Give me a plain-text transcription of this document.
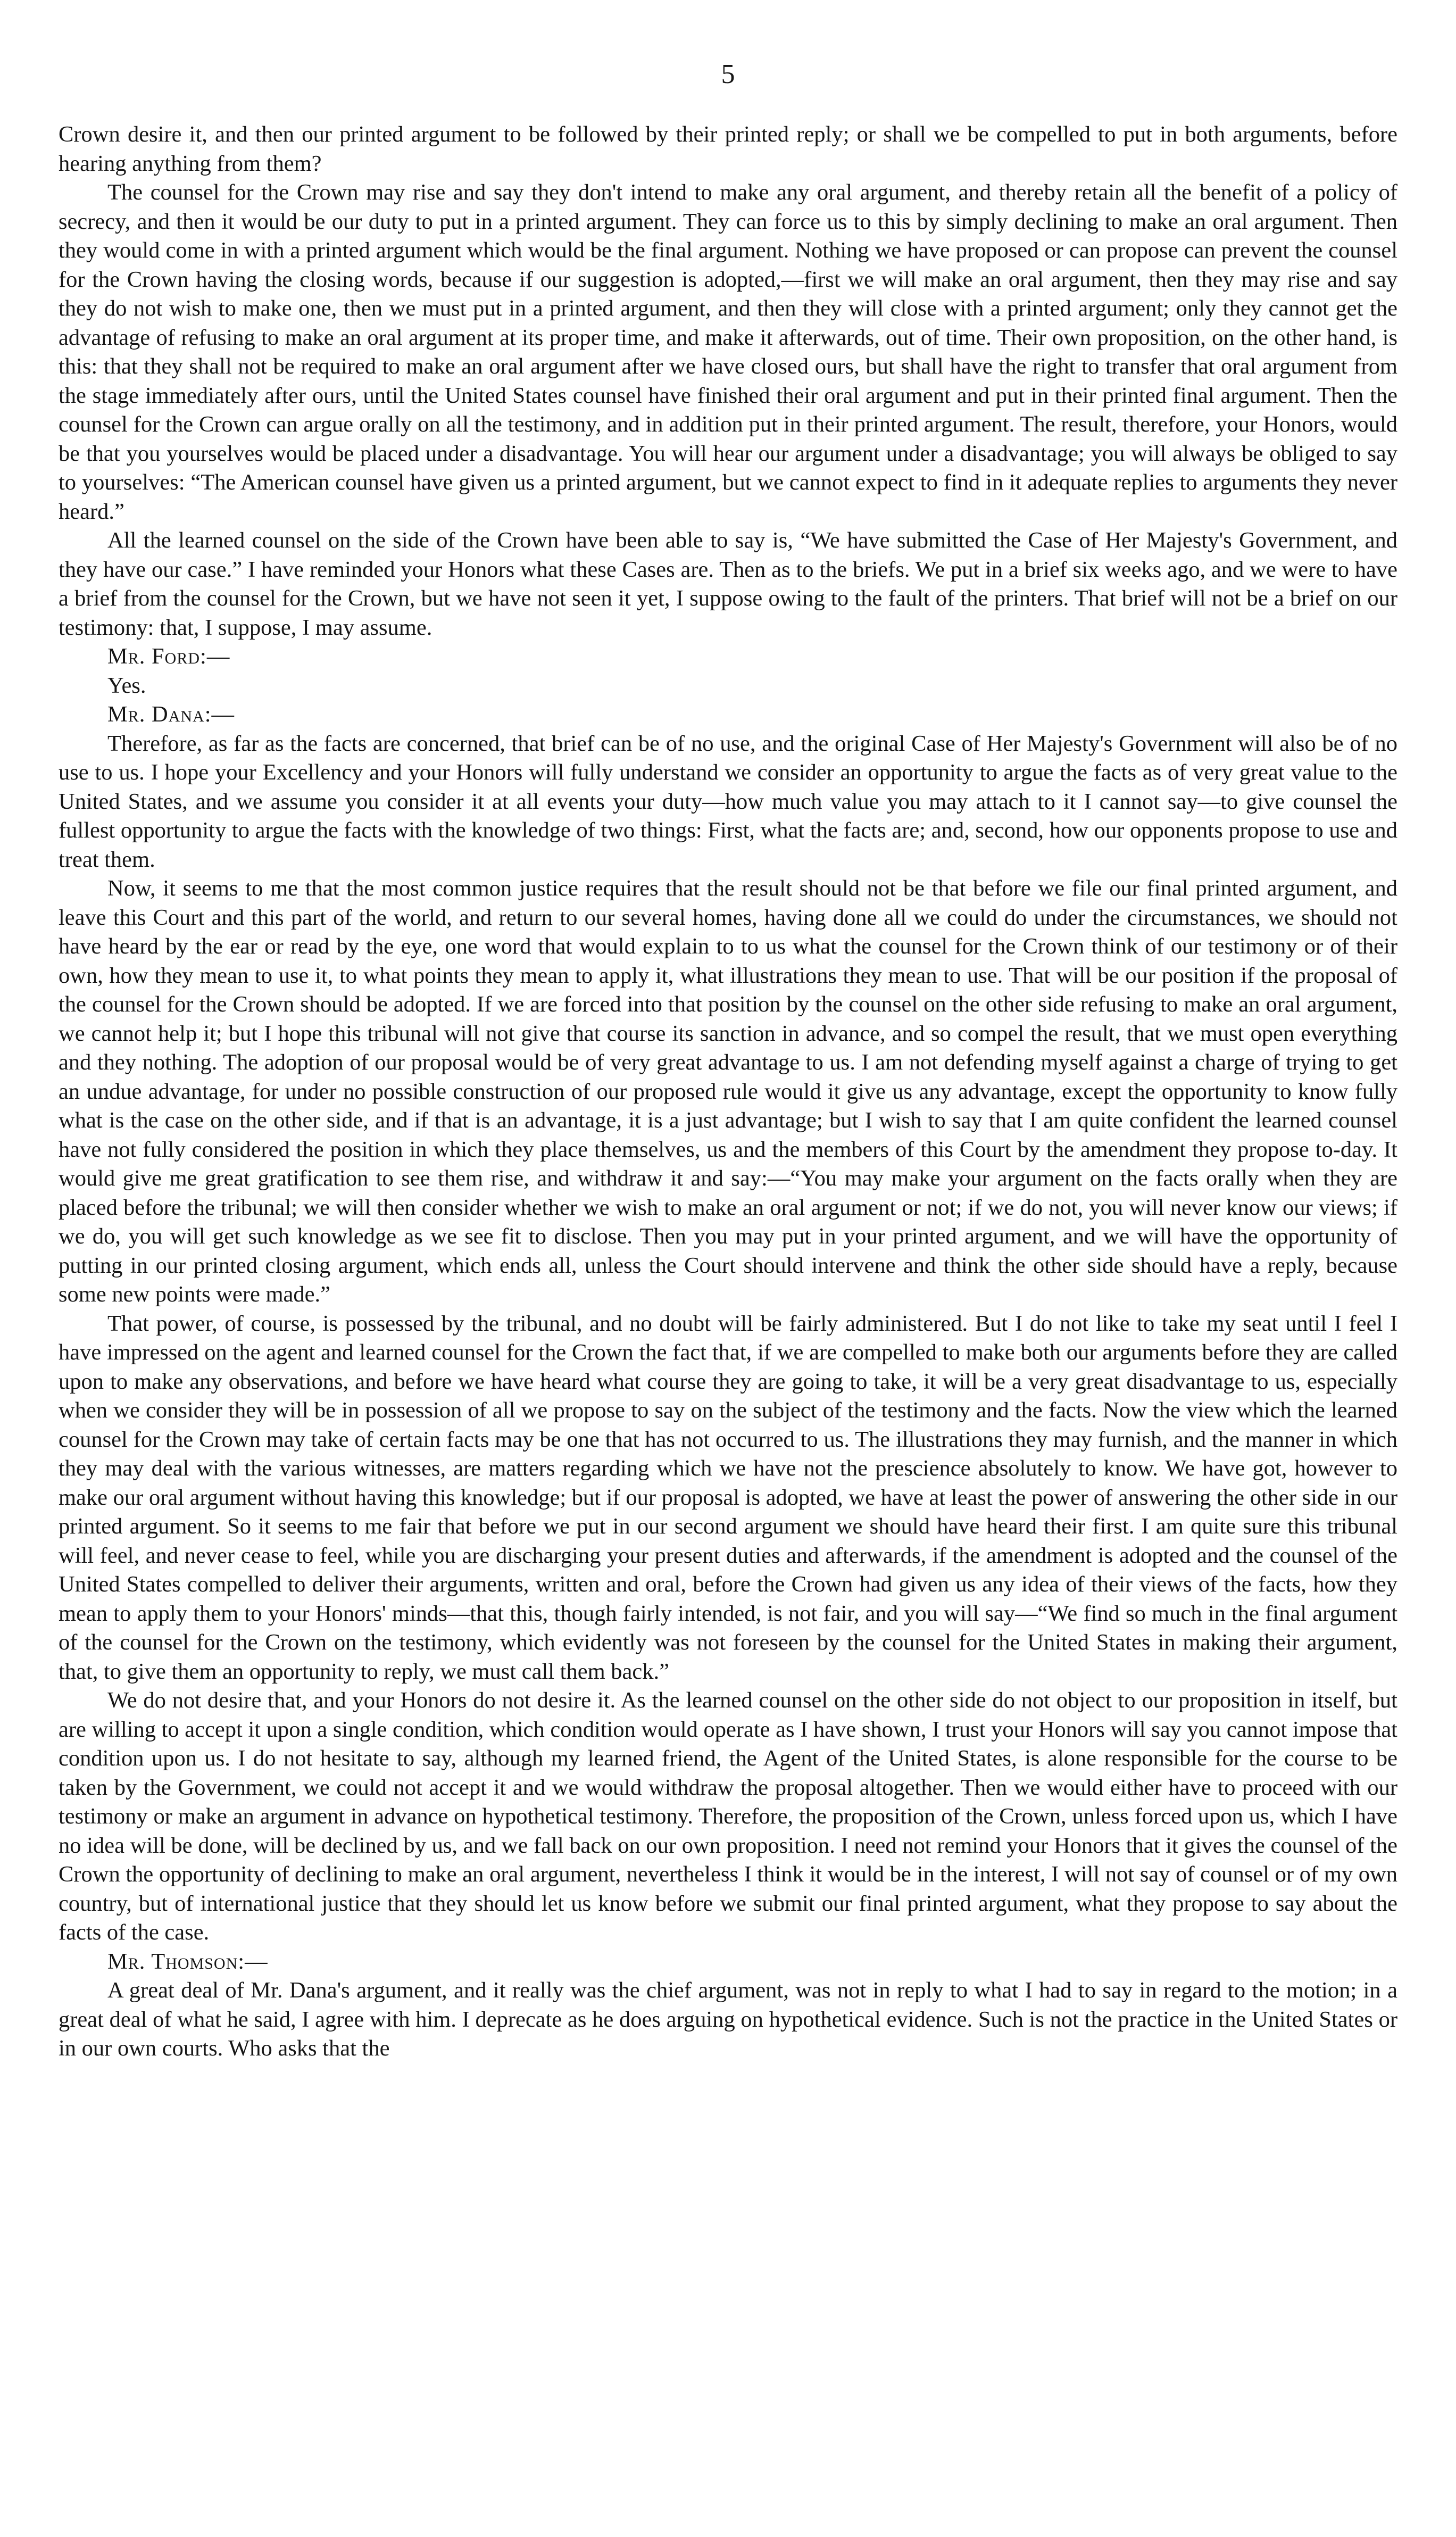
5

Crown desire it, and then our printed argument to be followed by their printed reply; or shall we be compelled to put in both arguments, before hearing anything from them?

The counsel for the Crown may rise and say they don't intend to make any oral argument, and thereby retain all the benefit of a policy of secrecy, and then it would be our duty to put in a printed argument. They can force us to this by simply declining to make an oral argument. Then they would come in with a printed argument which would be the final argument. Nothing we have proposed or can propose can prevent the counsel for the Crown having the closing words, because if our suggestion is adopted,—first we will make an oral argument, then they may rise and say they do not wish to make one, then we must put in a printed argument, and then they will close with a printed argument; only they cannot get the advantage of refusing to make an oral argument at its proper time, and make it afterwards, out of time. Their own proposition, on the other hand, is this: that they shall not be required to make an oral argument after we have closed ours, but shall have the right to transfer that oral argument from the stage immediately after ours, until the United States counsel have finished their oral argument and put in their printed final argument. Then the counsel for the Crown can argue orally on all the testimony, and in addition put in their printed argument. The result, therefore, your Honors, would be that you yourselves would be placed under a disadvantage. You will hear our argument under a disadvantage; you will always be obliged to say to yourselves: “The American counsel have given us a printed argument, but we cannot expect to find in it adequate replies to arguments they never heard.”

All the learned counsel on the side of the Crown have been able to say is, “We have submitted the Case of Her Majesty's Government, and they have our case.” I have reminded your Honors what these Cases are. Then as to the briefs. We put in a brief six weeks ago, and we were to have a brief from the counsel for the Crown, but we have not seen it yet, I suppose owing to the fault of the printers. That brief will not be a brief on our testimony: that, I suppose, I may assume.

Mr. Ford:—

Yes.

Mr. Dana:—

Therefore, as far as the facts are concerned, that brief can be of no use, and the original Case of Her Majesty's Government will also be of no use to us. I hope your Excellency and your Honors will fully understand we consider an opportunity to argue the facts as of very great value to the United States, and we assume you consider it at all events your duty—how much value you may attach to it I cannot say—to give counsel the fullest opportunity to argue the facts with the knowledge of two things: First, what the facts are; and, second, how our opponents propose to use and treat them.

Now, it seems to me that the most common justice requires that the result should not be that before we file our final printed argument, and leave this Court and this part of the world, and return to our several homes, having done all we could do under the circumstances, we should not have heard by the ear or read by the eye, one word that would explain to to us what the counsel for the Crown think of our testimony or of their own, how they mean to use it, to what points they mean to apply it, what illustrations they mean to use. That will be our position if the proposal of the counsel for the Crown should be adopted. If we are forced into that position by the counsel on the other side refusing to make an oral argument, we cannot help it; but I hope this tribunal will not give that course its sanction in advance, and so compel the result, that we must open everything and they nothing. The adoption of our proposal would be of very great advantage to us. I am not defending myself against a charge of trying to get an undue advantage, for under no possible construction of our proposed rule would it give us any advantage, except the opportunity to know fully what is the case on the other side, and if that is an advantage, it is a just advantage; but I wish to say that I am quite confident the learned counsel have not fully considered the position in which they place themselves, us and the members of this Court by the amendment they propose to-day. It would give me great gratification to see them rise, and withdraw it and say:—“You may make your argument on the facts orally when they are placed before the tribunal; we will then consider whether we wish to make an oral argument or not; if we do not, you will never know our views; if we do, you will get such knowledge as we see fit to disclose. Then you may put in your printed argument, and we will have the opportunity of putting in our printed closing argument, which ends all, unless the Court should intervene and think the other side should have a reply, because some new points were made.”

That power, of course, is possessed by the tribunal, and no doubt will be fairly administered. But I do not like to take my seat until I feel I have impressed on the agent and learned counsel for the Crown the fact that, if we are compelled to make both our arguments before they are called upon to make any observations, and before we have heard what course they are going to take, it will be a very great disadvantage to us, especially when we consider they will be in possession of all we propose to say on the subject of the testimony and the facts. Now the view which the learned counsel for the Crown may take of certain facts may be one that has not occurred to us. The illustrations they may furnish, and the manner in which they may deal with the various witnesses, are matters regarding which we have not the prescience absolutely to know. We have got, however to make our oral argument without having this knowledge; but if our proposal is adopted, we have at least the power of answering the other side in our printed argument. So it seems to me fair that before we put in our second argument we should have heard their first. I am quite sure this tribunal will feel, and never cease to feel, while you are discharging your present duties and afterwards, if the amendment is adopted and the counsel of the United States compelled to deliver their arguments, written and oral, before the Crown had given us any idea of their views of the facts, how they mean to apply them to your Honors' minds—that this, though fairly intended, is not fair, and you will say—“We find so much in the final argument of the counsel for the Crown on the testimony, which evidently was not foreseen by the counsel for the United States in making their argument, that, to give them an opportunity to reply, we must call them back.”

We do not desire that, and your Honors do not desire it. As the learned counsel on the other side do not object to our proposition in itself, but are willing to accept it upon a single condition, which condition would operate as I have shown, I trust your Honors will say you cannot impose that condition upon us. I do not hesitate to say, although my learned friend, the Agent of the United States, is alone responsible for the course to be taken by the Government, we could not accept it and we would withdraw the proposal altogether. Then we would either have to proceed with our testimony or make an argument in advance on hypothetical testimony. Therefore, the proposition of the Crown, unless forced upon us, which I have no idea will be done, will be declined by us, and we fall back on our own proposition. I need not remind your Honors that it gives the counsel of the Crown the opportunity of declining to make an oral argument, nevertheless I think it would be in the interest, I will not say of counsel or of my own country, but of international justice that they should let us know before we submit our final printed argument, what they propose to say about the facts of the case.

Mr. Thomson:—

A great deal of Mr. Dana's argument, and it really was the chief argument, was not in reply to what I had to say in regard to the motion; in a great deal of what he said, I agree with him. I deprecate as he does arguing on hypothetical evidence. Such is not the practice in the United States or in our own courts. Who asks that the
